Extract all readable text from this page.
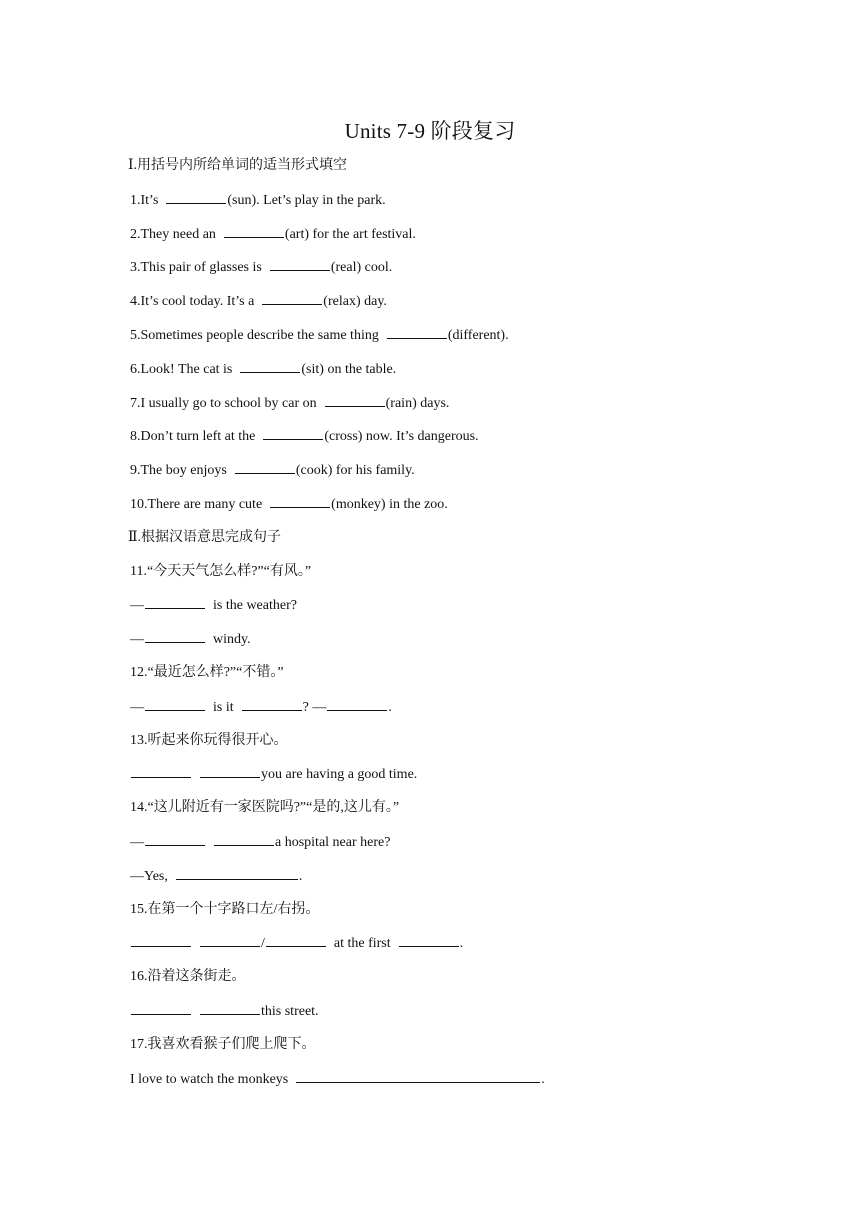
Units 7-9 阶段复习
Ⅰ.用括号内所给单词的适当形式填空
1.It’s	(sun). Let’s play in the park.
2.They need an	(art) for the art festival.
3.This pair of glasses is	(real) cool.
4.It’s cool today. It’s a	(relax) day.
5.Sometimes people describe the same thing	(different).
6.Look! The cat is	(sit) on the table.
7.I usually go to school by car on	(rain) days.
8.Don’t turn left at the	(cross) now. It’s dangerous.
9.The boy enjoys	(cook) for his family.
10.There are many cute	(monkey) in the zoo.
Ⅱ.根据汉语意思完成句子
11.“今天天气怎么样?”“有风。”
—	is the weather?
—	windy.
12.“最近怎么样?”“不错。”
—	is it	? —	.
13.听起来你玩得很开心。
you are having a good time.
14.“这儿附近有一家医院吗?”“是的,这儿有。”
—	a hospital near here?
—Yes,	.
15.在第一个十字路口左/右拐。
/	at the first	.
16.沿着这条街走。
this street.
17.我喜欢看猴子们爬上爬下。
I love to watch the monkeys	.
